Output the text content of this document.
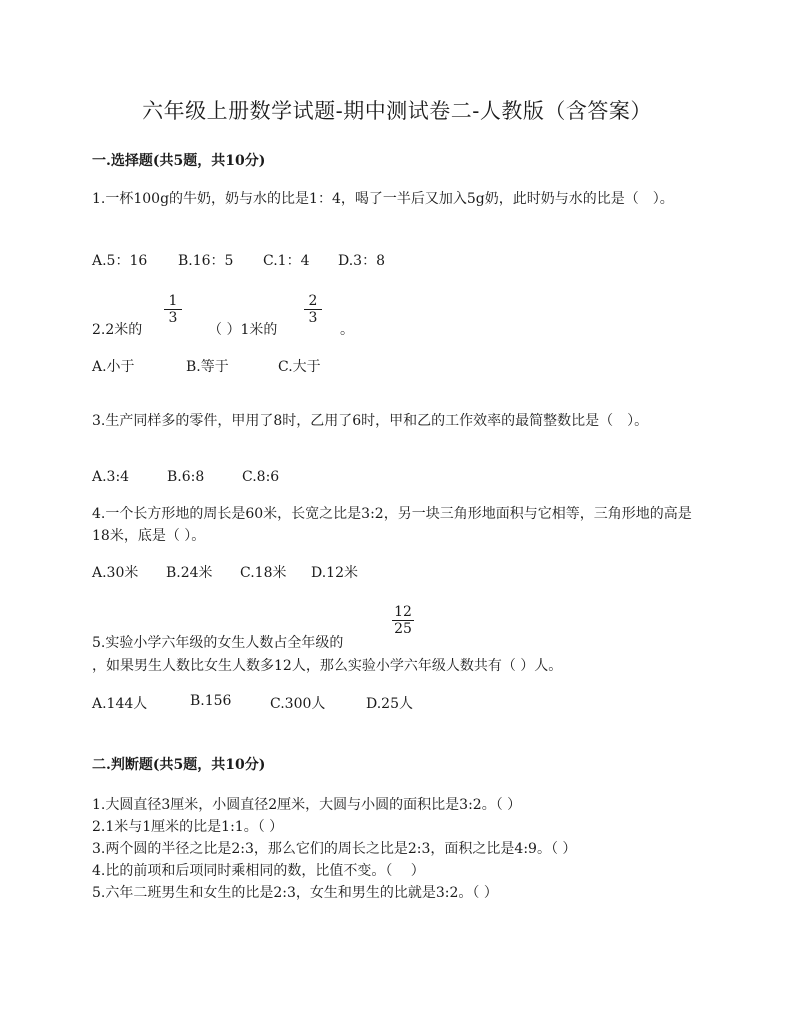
六年级上册数学试题-期中测试卷二-人教版（含答案）
一.选择题(共5题，共10分)
1.一杯100g的牛奶，奶与水的比是1：4，喝了一半后又加入5g奶，此时奶与水的比是（　）。
A.5：16 B.16：5 C.1：4 D.3：8
2.2米的
1
3
（ ）1米的
2
3
。
A.小于	B.等于	C.大于
3.生产同样多的零件，甲用了8时，乙用了6时，甲和乙的工作效率的最简整数比是（　）。
A.3:4	B.6:8	C.8:6
4.一个长方形地的周长是60米，长宽之比是3:2，另一块三角形地面积与它相等，三角形地的高是18米，底是（ ）。
A.30米 B.24米 C.18米 D.12米
12
25
5.实验小学六年级的女生人数占全年级的
，如果男生人数比女生人数多12人，那么实验小学六年级人数共有（ ）人。
A.144人	B.156	C.300人	D.25人
二.判断题(共5题，共10分)
1.大圆直径3厘米，小圆直径2厘米，大圆与小圆的面积比是3:2。（ ）
2.1米与1厘米的比是1:1。（ ）
3.两个圆的半径之比是2:3，那么它们的周长之比是2:3，面积之比是4:9。（ ）
4.比的前项和后项同时乘相同的数，比值不变。（　 ）
5.六年二班男生和女生的比是2:3，女生和男生的比就是3:2。（ ）
